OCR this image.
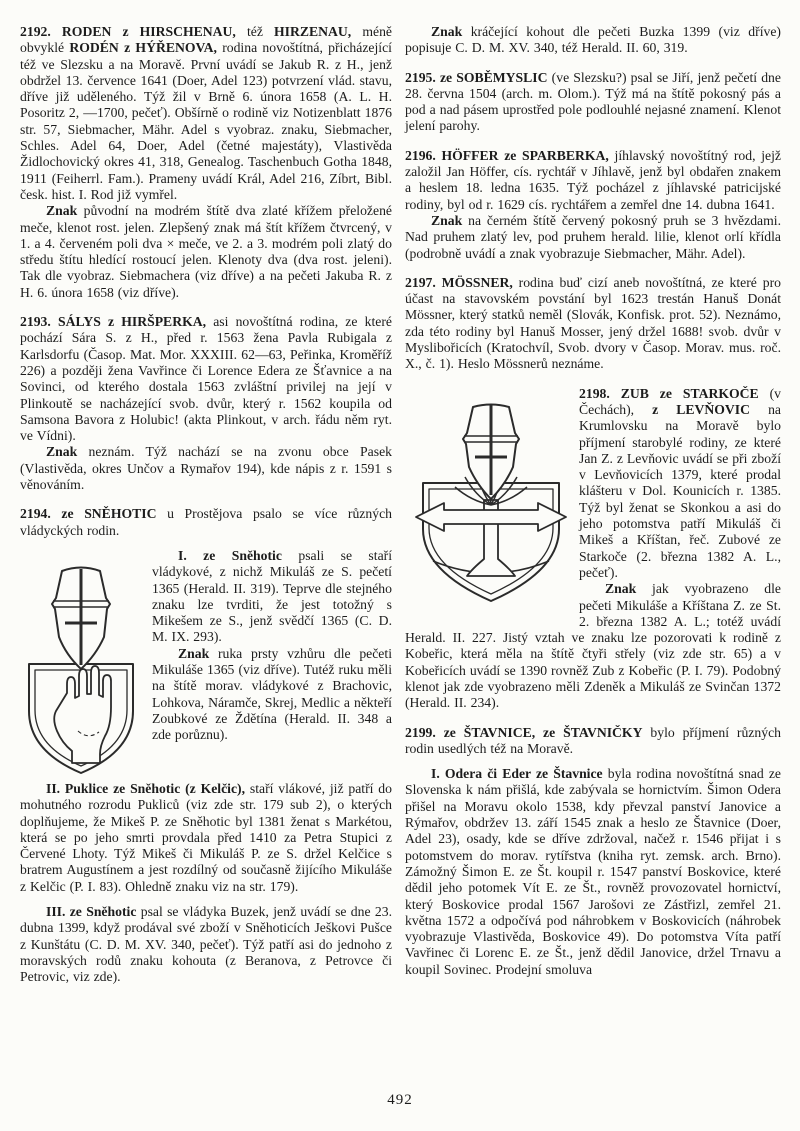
2192. RODEN z HIRSCHENAU, též HIRZENAU, méně obvyklé RODÉN z HÝŘENOVA, rodina novoštítná, přicházející též ve Slezsku a na Moravě. První uvádí se Jakub R. z H., jenž obdržel 13. července 1641 (Doer, Adel 123) potvrzení vlád. stavu, dříve již uděleného. Týž žil v Brně 6. února 1658 (A. L. H. Posoritz 2, —1700, pečeť). Obšírně o rodině viz Notizenblatt 1876 str. 57, Siebmacher, Mähr. Adel s vyobraz. znaku, Siebmacher, Schles. Adel 64, Doer, Adel (četné majestáty), Vlastivěda Židlochovický okres 41, 318, Genealog. Taschenbuch Gotha 1848, 1911 (Feiherrl. Fam.). Prameny uvádí Král, Adel 216, Zíbrt, Bibl. česk. hist. I. Rod již vymřel.

Znak původní na modrém štítě dva zlaté křížem přeložené meče, klenot rost. jelen. Zlepšený znak má štít křížem čtvrcený, v 1. a 4. červeném poli dva × meče, ve 2. a 3. modrém poli zlatý do středu štítu hledící rostoucí jelen. Klenoty dva (dva rost. jeleni). Tak dle vyobraz. Siebmachera (viz dříve) a na pečeti Jakuba R. z H. 6. února 1658 (viz dříve).

2193. SÁLYS z HIRŠPERKA, asi novoštítná rodina, ze které pochází Sára S. z H., před r. 1563 žena Pavla Rubigala z Karlsdorfu (Časop. Mat. Mor. XXXIII. 62—63, Peřinka, Kroměříž 226) a později žena Vavřince či Lorence Edera ze Šťavnice a na Sovinci, od kterého dostala 1563 zvláštní privilej na její v Plinkoutě se nacházející svob. dvůr, který r. 1562 koupila od Samsona Bavora z Holubic! (akta Plinkout, v arch. řádu něm ryt. ve Vídni).

Znak neznám. Týž nachází se na zvonu obce Pasek (Vlastivěda, okres Unčov a Rymařov 194), kde nápis z r. 1591 s věnováním.

2194. ze SNĚHOTIC u Prostějova psalo se více různých vládyckých rodin.

I. ze Sněhotic psali se staří vládykové, z nichž Mikuláš ze S. pečetí 1365 (Herald. II. 319). Teprve dle stejného znaku lze tvrditi, že jest totožný s Mikešem ze S., jenž svědčí 1365 (C. D. M. IX. 293).

Znak ruka prsty vzhůru dle pečeti Mikuláše 1365 (viz dříve). Tutéž ruku měli na štítě morav. vládykové z Brachovic, Lohkova, Náramče, Skrej, Medlic a někteří Zoubkové ze Ždětína (Herald. II. 348 a zde porůznu).

II. Puklice ze Sněhotic (z Kelčic), staří vlákové, již patří do mohutného rozrodu Pukliců (viz zde str. 179 sub 2), o kterých doplňujeme, že Mikeš P. ze Sněhotic byl 1381 ženat s Markétou, která se po jeho smrti provdala před 1410 za Petra Stupici z Červené Lhoty. Týž Mikeš či Mikuláš P. ze S. držel Kelčice s bratrem Augustínem a jest rozdílný od současně žijícího Mikuláše z Kelčic (P. I. 83). Ohledně znaku viz na str. 179).

III. ze Sněhotic psal se vládyka Buzek, jenž uvádí se dne 23. dubna 1399, když prodával své zboží v Sněhoticích Ješkovi Pušce z Kunštátu (C. D. M. XV. 340, pečeť). Týž patří asi do jednoho z moravských rodů znaku kohouta (z Beranova, z Petrovce či Petrovic, viz zde).

Znak kráčející kohout dle pečeti Buzka 1399 (viz dříve) popisuje C. D. M. XV. 340, též Herald. II. 60, 319.

2195. ze SOBĚMYSLIC (ve Slezsku?) psal se Jiří, jenž pečetí dne 28. června 1504 (arch. m. Olom.). Týž má na štítě pokosný pás a pod a nad pásem uprostřed pole podlouhlé nejasné znamení. Klenot jelení parohy.

2196. HÖFFER ze SPARBERKA, jíhlavský novoštítný rod, jejž založil Jan Höffer, cís. rychtář v Jíhlavě, jenž byl obdařen znakem a heslem 18. ledna 1635. Týž pocházel z jíhlavské patricijské rodiny, byl od r. 1629 cís. rychtářem a zemřel dne 14. dubna 1641.

Znak na černém štítě červený pokosný pruh se 3 hvězdami. Nad pruhem zlatý lev, pod pruhem herald. lilie, klenot orlí křídla (podrobně uvádí a znak vyobrazuje Siebmacher, Mähr. Adel).

2197. MÖSSNER, rodina buď cizí aneb novoštítná, ze které pro účast na stavovském povstání byl 1623 trestán Hanuš Donát Mössner, který statků neměl (Slovák, Konfisk. prot. 52). Neznámo, zda této rodiny byl Hanuš Mosser, jený držel 1688! svob. dvůr v Myslibořicích (Kratochvíl, Svob. dvory v Časop. Morav. mus. roč. X., č. 1). Heslo Mössnerů neznáme.

2198. ZUB ze STARKOČE (v Čechách), z LEVŇOVIC na Krumlovsku na Moravě bylo příjmení starobylé rodiny, ze které Jan Z. z Levňovic uvádí se při zboží v Levňovicích 1379, které prodal klášteru v Dol. Kounicích r. 1385. Týž byl ženat se Skonkou a asi do jeho potomstva patří Mikuláš či Mikeš a Kříštan, řeč. Zubové ze Starkoče (2. března 1382 A. L., pečeť).

Znak jak vyobrazeno dle pečeti Mikuláše a Kříštana Z. ze St. 2. března 1382 A. L.; totéž uvádí Herald. II. 227. Jistý vztah ve znaku lze pozorovati k rodině z Kobeřic, která měla na štítě čtyři střely (viz zde str. 65) a v Kobeřicích uvádí se 1390 rovněž Zub z Kobeřic (P. I. 79). Podobný klenot jak zde vyobrazeno měli Zdeněk a Mikuláš ze Svinčan 1372 (Herald. II. 234).

2199. ze ŠTAVNICE, ze ŠTAVNIČKY bylo příjmení různých rodin usedlých též na Moravě.

I. Odera či Eder ze Štavnice byla rodina novoštítná snad ze Slovenska k nám přišlá, kde zabývala se hornictvím. Šimon Odera přišel na Moravu okolo 1538, kdy převzal panství Janovice a Rýmařov, obdržev 13. září 1545 znak a heslo ze Štavnice (Doer, Adel 23), osady, kde se dříve zdržoval, načež r. 1546 přijat i s potomstvem do morav. rytířstva (kniha ryt. zemsk. arch. Brno). Zámožný Šimon E. ze Št. koupil r. 1547 panství Boskovice, které dědil jeho potomek Vít E. ze Št., rovněž provozovatel hornictví, který Boskovice prodal 1567 Jarošovi ze Zástřizl, zemřel 21. května 1572 a odpočívá pod náhrobkem v Boskovicích (náhrobek vyobrazuje Vlastivěda, Boskovice 49). Do potomstva Víta patří Vavřinec či Lorenc E. ze Št., jenž dědil Janovice, držel Trnavu a koupil Sovinec. Prodejní smoluva

492
